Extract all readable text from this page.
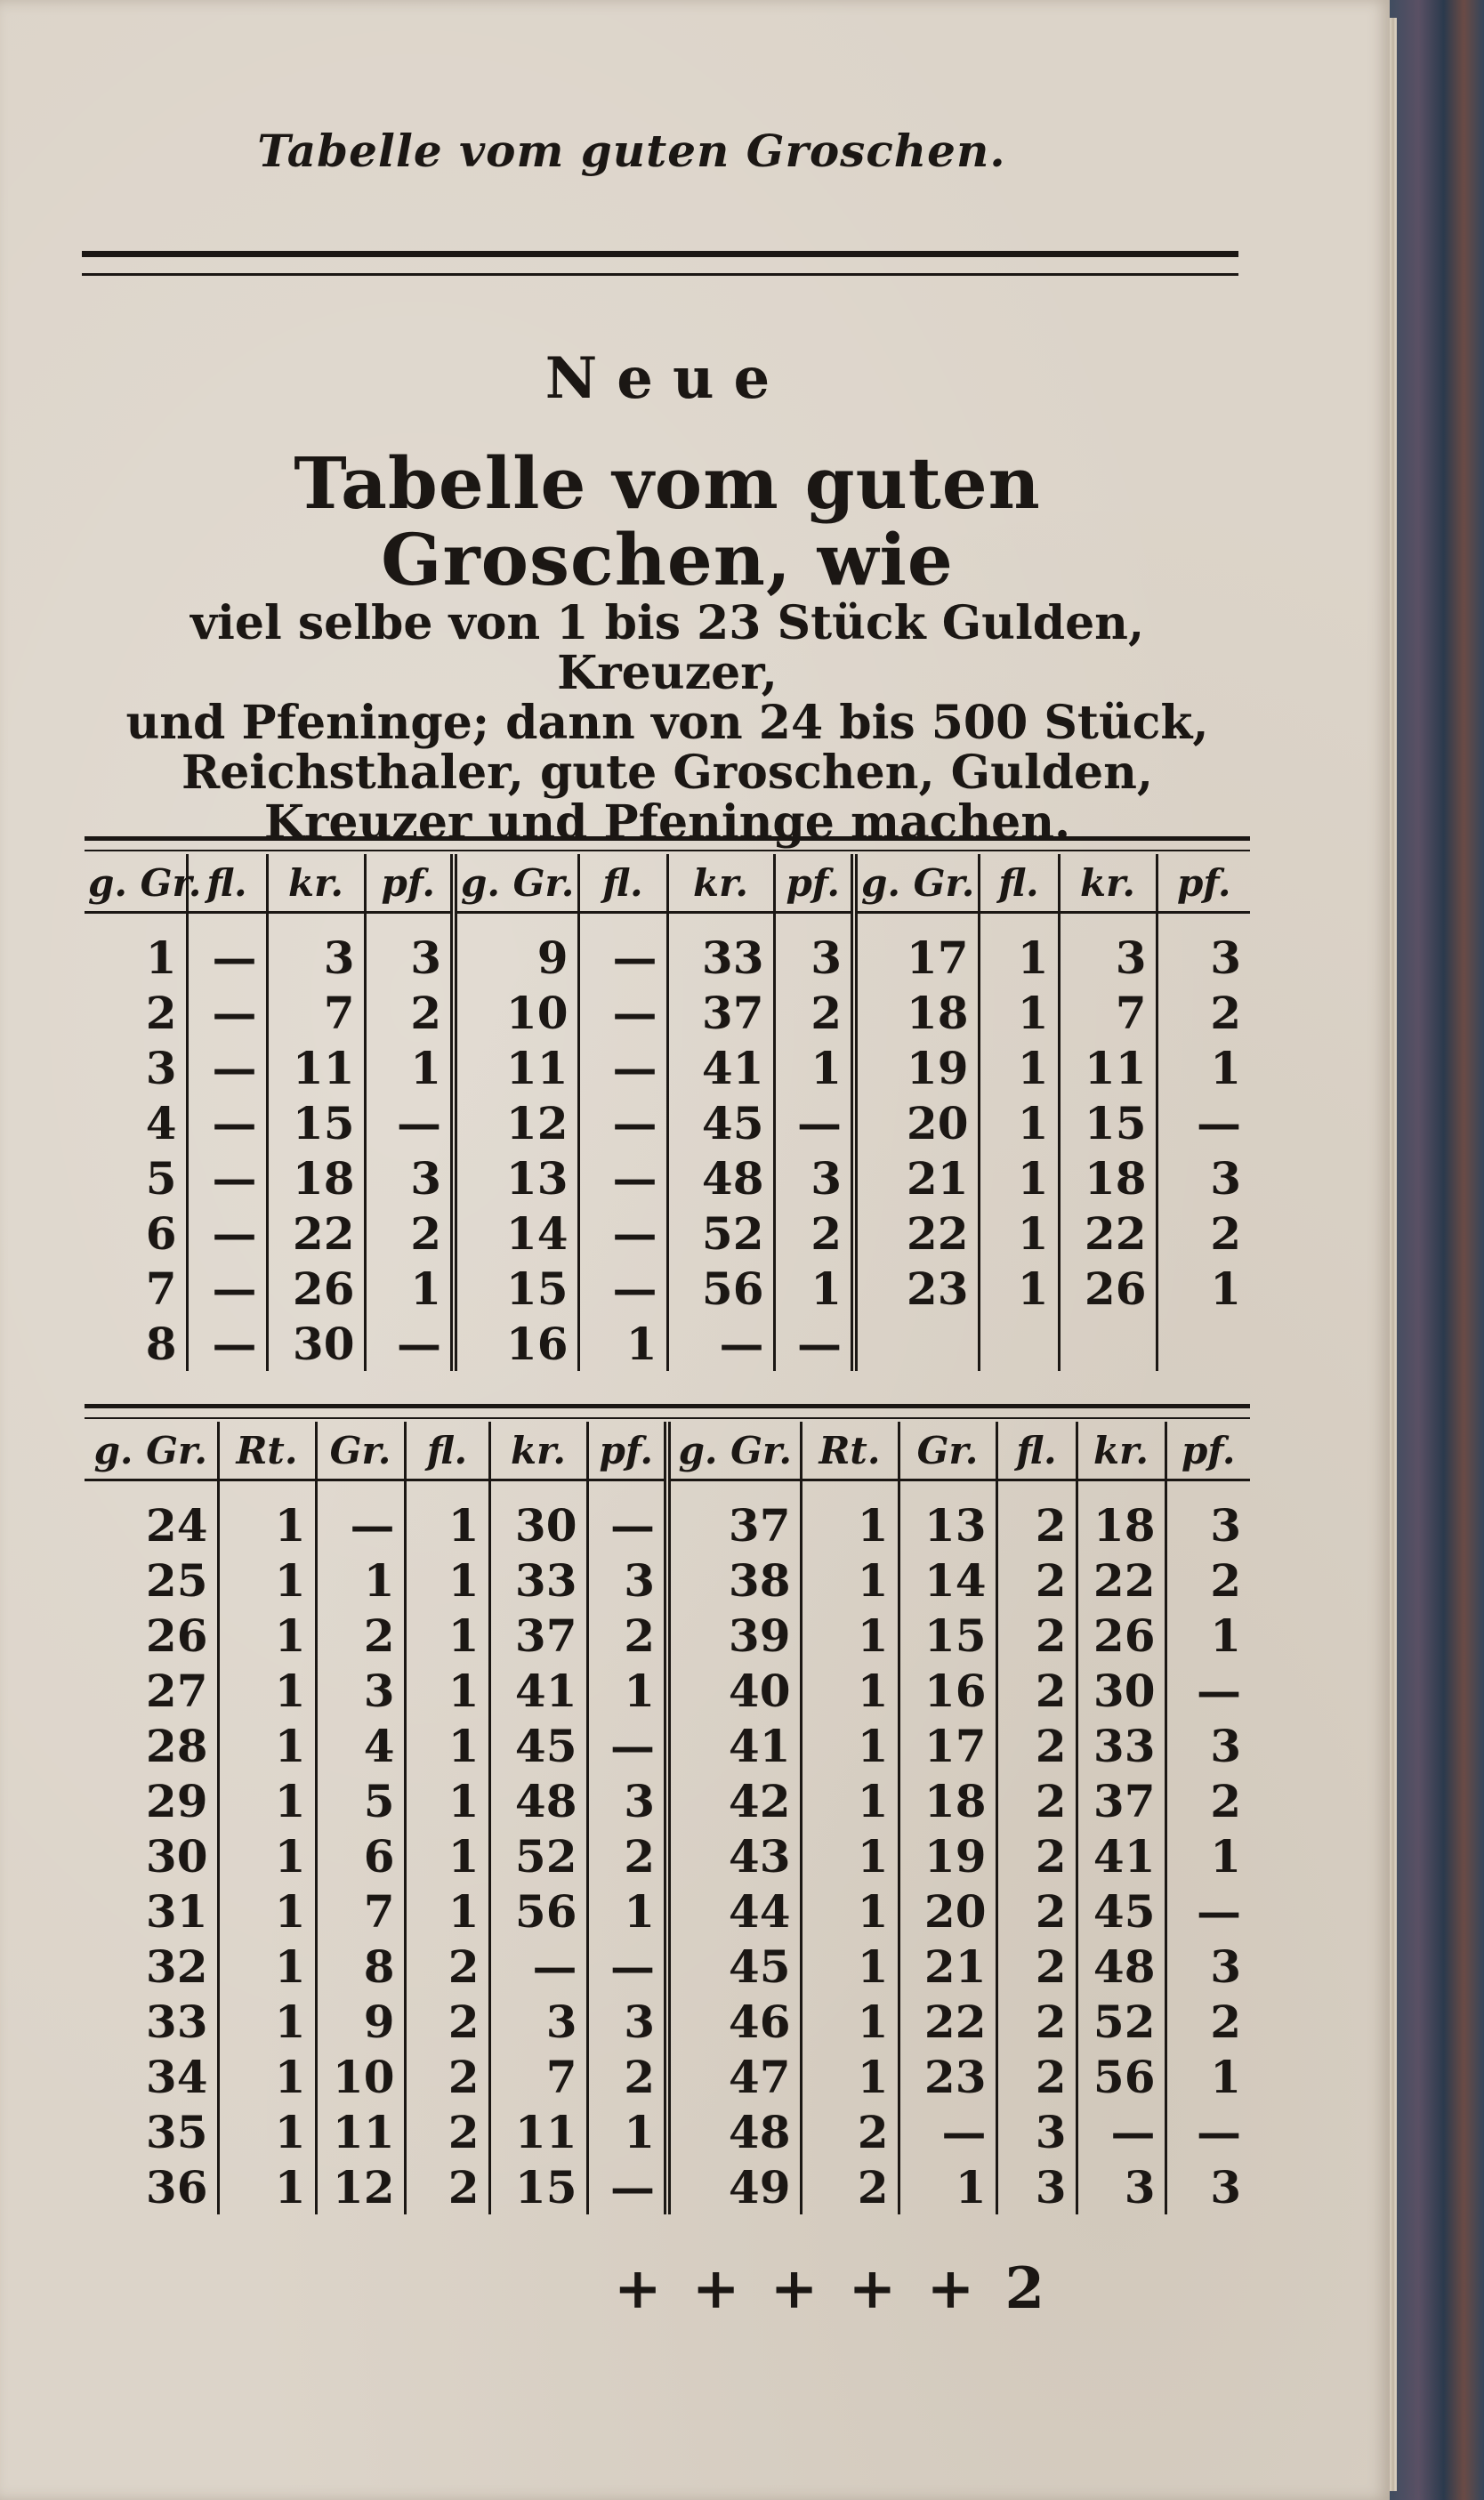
Tabelle vom guten Groschen.
Neue
Tabelle vom guten Groschen, wie
viel selbe von 1 bis 23 Stück Gulden, Kreuzer,
und Pfeninge; dann von 24 bis 500 Stück,
Reichsthaler, gute Groschen, Gulden,
Kreuzer und Pfeninge machen.
g. Gr.	fl.	kr.	pf.	g. Gr.	fl.	kr.	pf.	g. Gr.	fl.	kr.	pf.
1	—	3	3	9	—	33	3	17	1	3	3
2	—	7	2	10	—	37	2	18	1	7	2
3	—	11	1	11	—	41	1	19	1	11	1
4	—	15	—	12	—	45	—	20	1	15	—
5	—	18	3	13	—	48	3	21	1	18	3
6	—	22	2	14	—	52	2	22	1	22	2
7	—	26	1	15	—	56	1	23	1	26	1
8	—	30	—	16	1	—	—				
g. Gr.	Rt.	Gr.	fl.	kr.	pf.	g. Gr.	Rt.	Gr.	fl.	kr.	pf.
24	1	—	1	30	—	37	1	13	2	18	3
25	1	1	1	33	3	38	1	14	2	22	2
26	1	2	1	37	2	39	1	15	2	26	1
27	1	3	1	41	1	40	1	16	2	30	—
28	1	4	1	45	—	41	1	17	2	33	3
29	1	5	1	48	3	42	1	18	2	37	2
30	1	6	1	52	2	43	1	19	2	41	1
31	1	7	1	56	1	44	1	20	2	45	—
32	1	8	2	—	—	45	1	21	2	48	3
33	1	9	2	3	3	46	1	22	2	52	2
34	1	10	2	7	2	47	1	23	2	56	1
35	1	11	2	11	1	48	2	—	3	—	—
36	1	12	2	15	—	49	2	1	3	3	3
+ + + + + 2
